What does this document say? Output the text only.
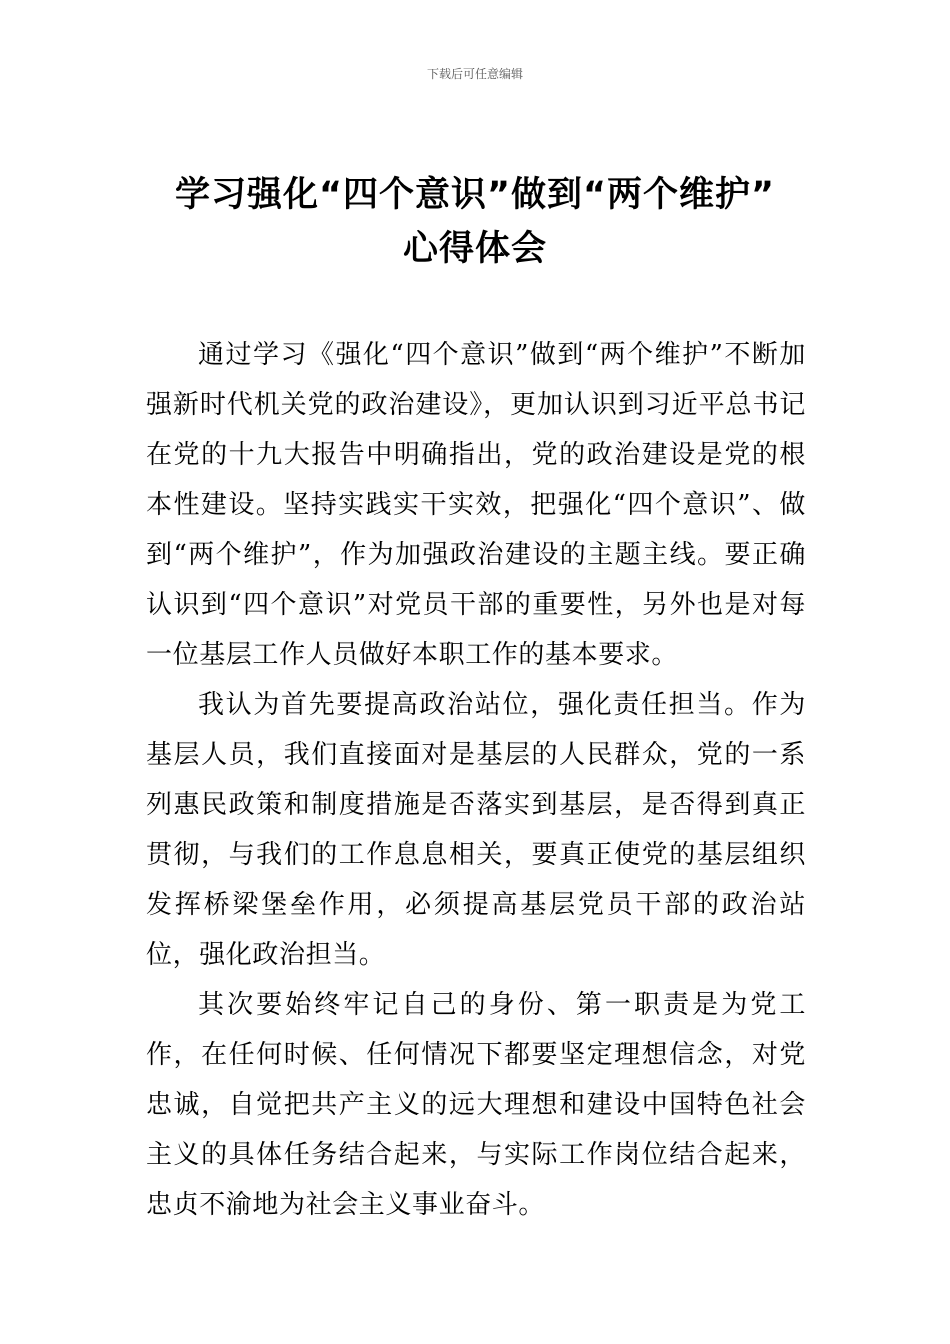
下载后可任意编辑
学习强化“四个意识”做到“两个维护”
心得体会

通过学习《强化“四个意识”做到“两个维护”不断加强新时代机关党的政治建设》，更加认识到习近平总书记在党的十九大报告中明确指出，党的政治建设是党的根本性建设。坚持实践实干实效，把强化“四个意识”、做到“两个维护”，作为加强政治建设的主题主线。要正确认识到“四个意识”对党员干部的重要性，另外也是对每一位基层工作人员做好本职工作的基本要求。

我认为首先要提高政治站位，强化责任担当。作为基层人员，我们直接面对是基层的人民群众，党的一系列惠民政策和制度措施是否落实到基层，是否得到真正贯彻，与我们的工作息息相关，要真正使党的基层组织发挥桥梁堡垒作用，必须提高基层党员干部的政治站位，强化政治担当。

其次要始终牢记自己的身份、第一职责是为党工作，在任何时候、任何情况下都要坚定理想信念，对党忠诚，自觉把共产主义的远大理想和建设中国特色社会主义的具体任务结合起来，与实际工作岗位结合起来，忠贞不渝地为社会主义事业奋斗。
